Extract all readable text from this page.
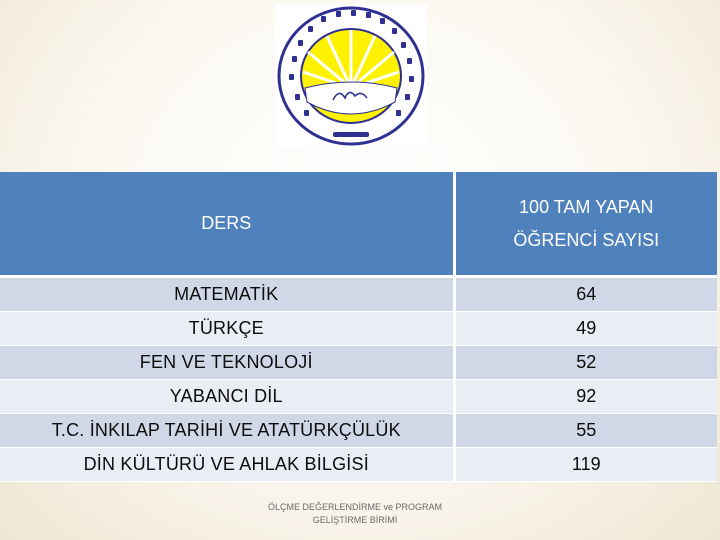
DERS	100 TAM YAPAN
ÖĞRENCİ SAYISI
MATEMATİK	64
TÜRKÇE	49
FEN VE TEKNOLOJİ	52
YABANCI DİL	92
T.C. İNKILAP TARİHİ VE ATATÜRKÇÜLÜK	55
DİN KÜLTÜRÜ VE AHLAK BİLGİSİ	119
ÖLÇME DEĞERLENDİRME ve PROGRAM
GELİŞTİRME BİRİMİ
